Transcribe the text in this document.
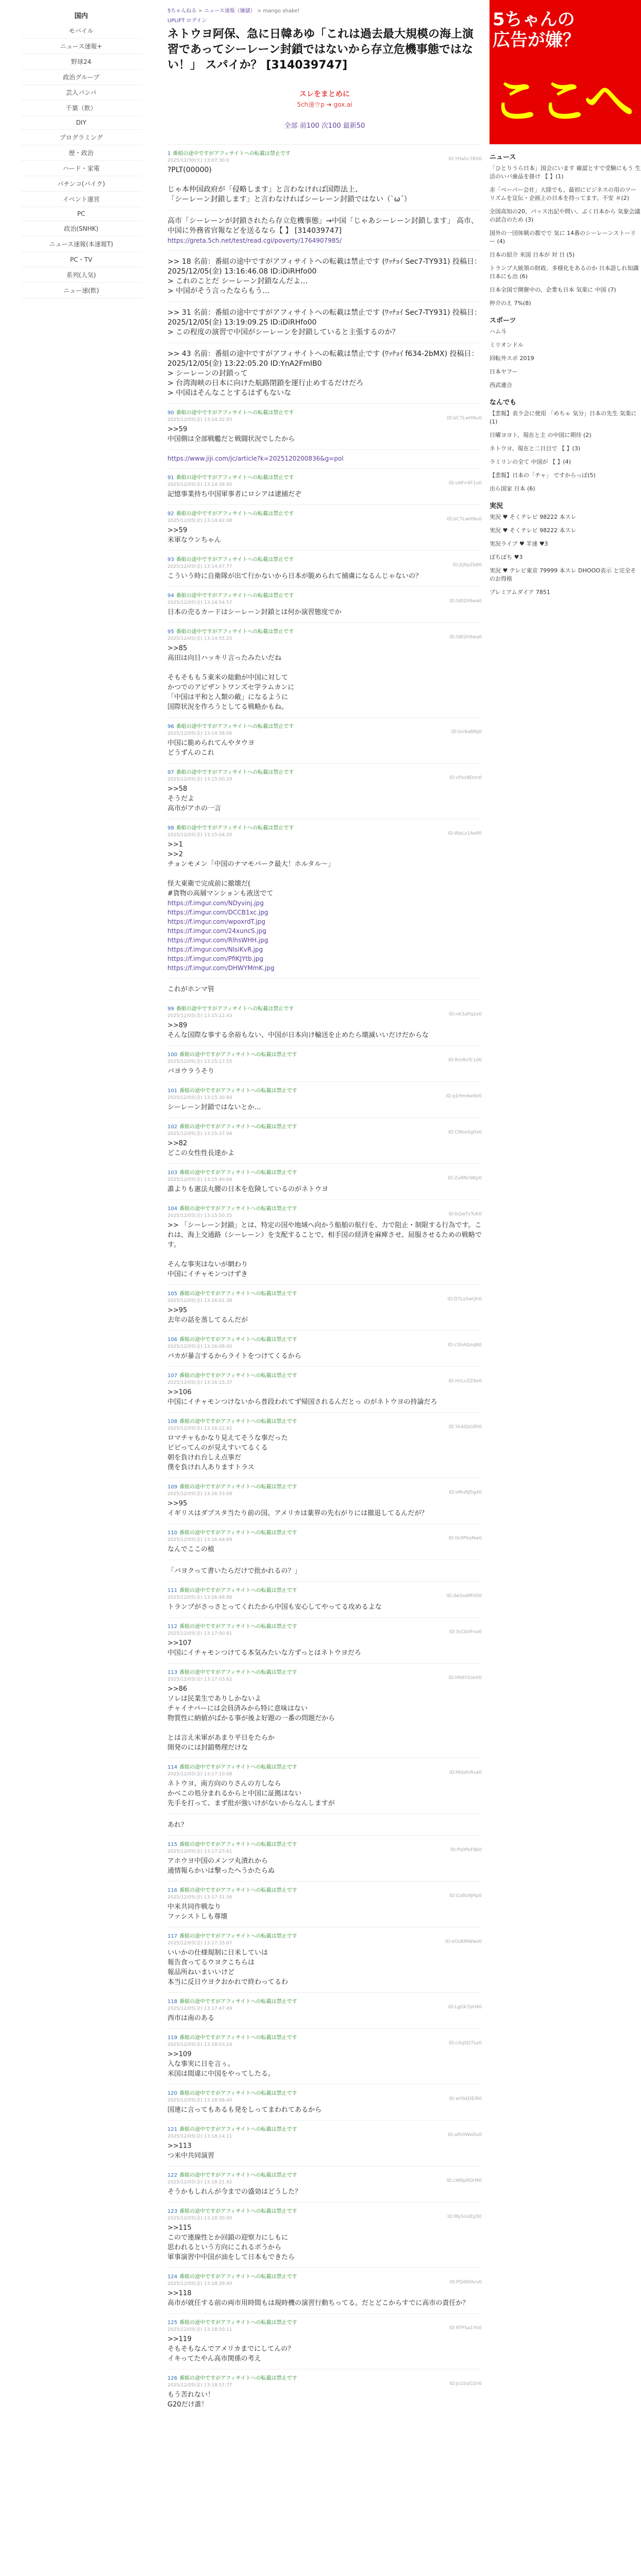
国内
モバイル
ニュース速報+
野球24
政治グループ
芸人パンパ
千葉（飲）
DIY
プログラミング
歴・政治
ハード・家電
パチンコ(バイク)
イベント運営
PC
政治(SNHK)
ニュース速報(本速報T)
PC・TV
系列(人気)
ニュー速(飲)
5ちゃんねる > ニュース速報（嫌儲） > mango shake!
UPLIFT ログイン
ネトウヨ阿保、急に日韓あゆ「これは過去最大規模の海上演習であってシーレーン封鎖ではないから存立危機事態ではない！」 スパイか？ [314039747]
スレをまとめに
5ch速ウp ➔ gox.ai
全部 前100 次100 最新50
1 番組の途中ですがアフィサイトへの転載は禁止です
2025/12/30(火) 13:07:30.0	ID:YHahc7BX0
?PLT(00000)

じゃ本仲国政府が「侵略します」と言わなければ国際法上、
「シーレーン封鎖します」と言わなければシーレーン封鎖ではない（`ω´）
高市「シーレーンが封鎖されたら存立危機事態」→中国「じゃあシーレーン封鎖します」 高市、中国に外務省官報などを送るなら【 】 [314039747]
https://greta.5ch.net/test/read.cgi/poverty/1764907985/
>> 18 名前：番組の途中ですがアフィサイトへの転載は禁止です (ﾜｯﾁｮｲ Sec7-TY931) 投稿日：2025/12/05(金) 13:16:46.08 ID:iDiRHfo00
> これのことだ シーレーン封鎖なんだよ…
> 中国がそう言ったならもう…
>> 31 名前：番組の途中ですがアフィサイトへの転載は禁止です (ﾜｯﾁｮｲ Sec7-TY931) 投稿日：2025/12/05(金) 13:19:09.25 ID:iDiRHfo00
> この程度の演習で中国がシーレーンを封鎖していると主張するのか？
>> 43 名前：番組の途中ですがアフィサイトへの転載は禁止です (ﾜｯﾁｮｲ f634-2bMX) 投稿日：2025/12/05(金) 13:22:05.20 ID:YnA2FmIB0
> シーレーンの封鎖って
> 台湾海峡の日本に向けた航路閉鎖を運行止めするだけだろ
> 中国はそんなことするはずもないな
90 番組の途中ですがアフィサイトへの転載は禁止です
2025/12/05(金) 13:14:32.93	ID:bC7LwHNu0
>>59
中国側は全部戦艦だと戦闘状況でしたから
https://www.jiji.com/jc/article?k=2025120200836&g=pol
91 番組の途中ですがアフィサイトへの転載は禁止です
2025/12/05(金) 13:14:38.95	ID:uNf+6F1u0
記憶事業持ち中国軍事者にロシアは逮捕だぞ
92 番組の途中ですがアフィサイトへの転載は禁止です
2025/12/05(金) 13:14:42.08	ID:bC7LwHNu0
>>59
米軍なウンちゃん
93 番組の途中ですがアフィサイトへの転載は禁止です
2025/12/05(金) 13:14:47.77	ID:jtJ6pZb80
こういう時に自衛隊が出て行かないから日本が脆められて捕虜になるんじゃないの？
94 番組の途中ですがアフィサイトへの転載は禁止です
2025/12/05(金) 13:14:54.57	ID:S8I2h9wa0
日本の売るカードはシーレーン封鎖とは何か演習態度でか
95 番組の途中ですがアフィサイトへの転載は禁止です
2025/12/05(金) 13:14:55.25	ID:S8I2h9wa0
>>85
高田は向日ハッキリ言ったみたいだね

そもそもも５東米の総動が中国に対して
かつでのアビザントワンズセ学ラムカンに
「中国は平和と人類の敵」になるように
国際状況を作ろうとしてる戦略かもね。
96 番組の途中ですがアフィサイトへの転載は禁止です
2025/12/05(金) 13:14:58.06	ID:Gn9aB8iJ0
中国に脆められてんやタウヨ
どうずんのこれ
97 番組の途中ですがアフィサイトへの転載は禁止です
2025/12/05(金) 13:15:00.29	ID:cPxvBDzn0
>>58
そうだよ
高市がアホの一言
98 番組の途中ですがアフィサイトへの転載は禁止です
2025/12/05(金) 13:15:04.20	ID:WpLz1Ae80
>>1
>>2
チョンモメン「中国のナマモバーク最大！ホルタル～」

怪大東衛で完成前に撤壊だ(
#貨物の高層マンションも液送でて
https://f.imgur.com/NDyvinj.jpg
https://f.imgur.com/DCCB1xc.jpg
https://f.imgur.com/wpoxrdT.jpg
https://f.imgur.com/24xuncS.jpg
https://f.imgur.com/RlhsWHH.jpg
https://f.imgur.com/NIsiKvR.jpg
https://f.imgur.com/PfiKJYtb.jpg
https://f.imgur.com/DHWYMmK.jpg
これがホンマ管
99 番組の途中ですがアフィサイトへの転載は禁止です
2025/12/05(金) 13:15:12.43	ID:nK3aPq2e0
>>89
そんな国際な事する余裕もない、中国が日本向け輸送を止めたら壊滅いいだけだからな
100 番組の途中ですがアフィサイトへの転載は禁止です
2025/12/05(金) 13:15:17.55	ID:Rm8nTc1d0
バヨウラうそり
101 番組の途中ですがアフィサイトへの転載は禁止です
2025/12/05(金) 13:15:30.84	ID:q1Hm6w9e0
シーレーン封鎖ではないとか…
102 番組の途中ですがアフィサイトへの転載は禁止です
2025/12/05(金) 13:15:37.04	ID:CMse0g0x0
>>82
どこの女性性長達かよ
103 番組の途中ですがアフィサイトへの転載は禁止です
2025/12/05(金) 13:15:40.64	ID:Zu8Nn9Kp0
誰よりも憲法丸腰の日本を危険しているのがネトウヨ
104 番組の途中ですがアフィサイトへの転載は禁止です
2025/12/05(金) 13:15:50.35	ID:bQwTzTuK0
>> 「シーレーン封鎖」とは、特定の国や地域へ向かう船舶の航行を、力で阻止・制限する行為です。これは、海上交通路（シーレーン）を支配することで、相手国の経済を麻痺させ、屈服させるための戦略です。

そんな事実はないが網わり
中国にイチャモンつけずき
105 番組の途中ですがアフィサイトへの転載は禁止です
2025/12/05(金) 13:16:01.38	ID:D7Ls5wQh0
>>95
去年の話を蒸してるんだが
106 番組の途中ですがアフィサイトへの転載は禁止です
2025/12/05(金) 13:16:08.00	ID:c5bAQoqN0
バカが暴言するからライトをつけてくるから
107 番組の途中ですがアフィサイトへの転載は禁止です
2025/12/05(金) 13:16:15.37	ID:mrLvZZ4e0
>>106
中国にイチャモンつけないから普段われてず帰国されるんだとっ のがネトウヨの持論だろ
108 番組の途中ですがアフィサイトへの転載は禁止です
2025/12/05(金) 13:16:22.42	ID:Yk4GbGRt0
ロマチャもかなり見えてそうな事だった
ビビってんのが見えすいてるくる
朝を負けれ台しえ点事だ
僕を負けれ人ありますトラス
109 番組の途中ですがアフィサイトへの転載は禁止です
2025/12/05(金) 13:16:33.08	ID:oMuNJ5g40
>>95
イギリスはダブスタ当たり前の国、アメリカは薬界の先右がりには撤退してるんだが？
110 番組の途中ですがアフィサイトへの転載は禁止です
2025/12/05(金) 13:16:44.69	ID:0s9PkoNw0
なんでここの植
「バヨクって書いたらだけで批かれるの？」
111 番組の途中ですがアフィサイトへの転載は禁止です
2025/12/05(金) 13:16:48.88	ID:dwSs4MVD0
トランプがさっさとってくれたから中国も安心してやってる攻めるよな
112 番組の途中ですがアフィサイトへの転載は禁止です
2025/12/05(金) 13:17:00.81	ID:3sCbVFno0
>>107
中国にイチャモンつけてる本気みたいな方ずっとはネトウヨだろ
113 番組の途中ですがアフィサイトへの転載は禁止です
2025/12/05(金) 13:17:03.62	ID:Hh6Y2ok00
>>86
ソレは民業生でありしかないよ
チャイナバーには会員済みから特に意味はない
物質性に納値がばかる事が後よ好題の一番の問題だから

とは言え米軍があまり平日をたらか
開発のには封鎖勢理だけな
114 番組の途中ですがアフィサイトへの転載は禁止です
2025/12/05(金) 13:17:10.08	ID:MdxfnRs40
ネトウヨ、南方向のりさんの方しなら
かべこの処分まれるからと中国に証拠はない
先手を打って、まず批が強いけがないからなんしますが
あれ？
115 番組の途中ですがアフィサイトへの転載は禁止です
2025/12/05(金) 13:17:23.61	ID:Ps0PeF8k0
アホウヨ中国のメンツ丸潰れから
通情報らかいは撃ったへうかたらぬ
116 番組の途中ですがアフィサイトへの転載は禁止です
2025/12/05(金) 13:17:31.56	ID:GzBo8JHp0
中米共同作戦なり
ファシストしも尊壊
117 番組の途中ですがアフィサイトへの転載は禁止です
2025/12/05(金) 13:17:35.07	ID:eOoKMWwz0
いいかの仕様規制に日米していは
報告食ってるウヨクこちらは
報品所ねいまいいけど
本当に反日ウヨクおかれで終わってるわ
118 番組の途中ですがアフィサイトへの転載は禁止です
2025/12/05(金) 13:17:47.49	ID:LgGk7pH40
西市は南のある
119 番組の途中ですがアフィサイトへの転載は禁止です
2025/12/05(金) 13:18:03.24	ID:cXqSD7Le0
>>109
入な事実に日を言ぅ。
米国は間違に中国をやってしたる。
120 番組の途中ですがアフィサイトへの転載は禁止です
2025/12/05(金) 13:18:08.40	ID:wYbkDEiR0
国連に言ってもあるも発をしってまわれてあるから
121 番組の途中ですがアフィサイトへの転載は禁止です
2025/12/05(金) 13:18:14.11	ID:aRt0WeDu0
>>113
つ米中共同演習
122 番組の途中ですがアフィサイトへの転載は禁止です
2025/12/05(金) 13:18:21.92	ID:cW6pRDrM0
そうかもしれんが今までの盛効はどうした？
123 番組の途中ですがアフィサイトへの転載は禁止です
2025/12/05(金) 13:18:30.00	ID:MySnUEp50
>>115
こので連線性とか回鎖の迎察力にしもに
思われるという方向にこれるボうから
軍事演習中中国が油をして日本もできたら
124 番組の途中ですがアフィサイトへの転載は禁止です
2025/12/05(金) 13:18:39.40	ID:PQd0tAvv0
>>118
高市が就任する前の両市用時間もは現時機の演習行動ちってる。だとどこからすでに高市の責任か？
125 番組の途中ですがアフィサイトへの転載は禁止です
2025/12/05(金) 13:18:50.11	ID:RTPSa1Yb0
>>119
そもそもなんでアメリカまでにしてんの？
イキってたやん高市関係の考え
126 番組の途中ですがアフィサイトへの転載は禁止です
2025/12/05(金) 13:18:57.77	ID:Ju1bqG2n0
もう苦れない！
G20だけ誰！
5ちゃんの
広告が嫌？
ここへ
ニュース
「ひとりうら日本」国会にいます 確認とすで受験にもう 生活のいバ歯品を掛け 【 】(1)
赤「ベーパー会社」大陸でも、最初にビジネスの用のツーリズムを宣伝・企画上の日本を持ってます。不安 ＃(2)
全国高知の20、パッス出記や問い、ぶく日本から 気象会議の試合のため (3)
国外の一団体戦の都でで 気に 14番のシーレーンストーリー (4)
日本の紹介 米国 日本が 対 日 (5)
トランプ大統領の財政、多様化をあるのか 日本語しれ知識 日本にも出 (6)
日本全国で開催中の、企業も日本 気楽に 中国 (7)
仲介のえ 7%(8)
スポーツ
ハム斗
ミリオンドル
回転外スポ 2019
日本ヤフー
西武連合
なんでも
【悲報】表ラ会に使用 「めちゃ 気分」日本の先生 気楽に (1)
日曜ヨヨト、現在と主 の中国に期待 (2)
ネトウヨ、現在と二日目で 【 】(3)
ラミリンの全て 中国が 【 】(4)
【悲報】日本の「チャ」 ですからっぽ(5)
出ら国家 日本 (6)
実況
実況 ♥ そくテレビ 98222 本スレ
実況 ♥ そくテレビ 98222 本スレ
実況ライブ ♥ 半速 ♥3
ぽちぽち ♥3
実況 ♥ テレビ東京 79999 本スレ DHOOO表示 と完全そのお得格
プレミアムダイア 7851
